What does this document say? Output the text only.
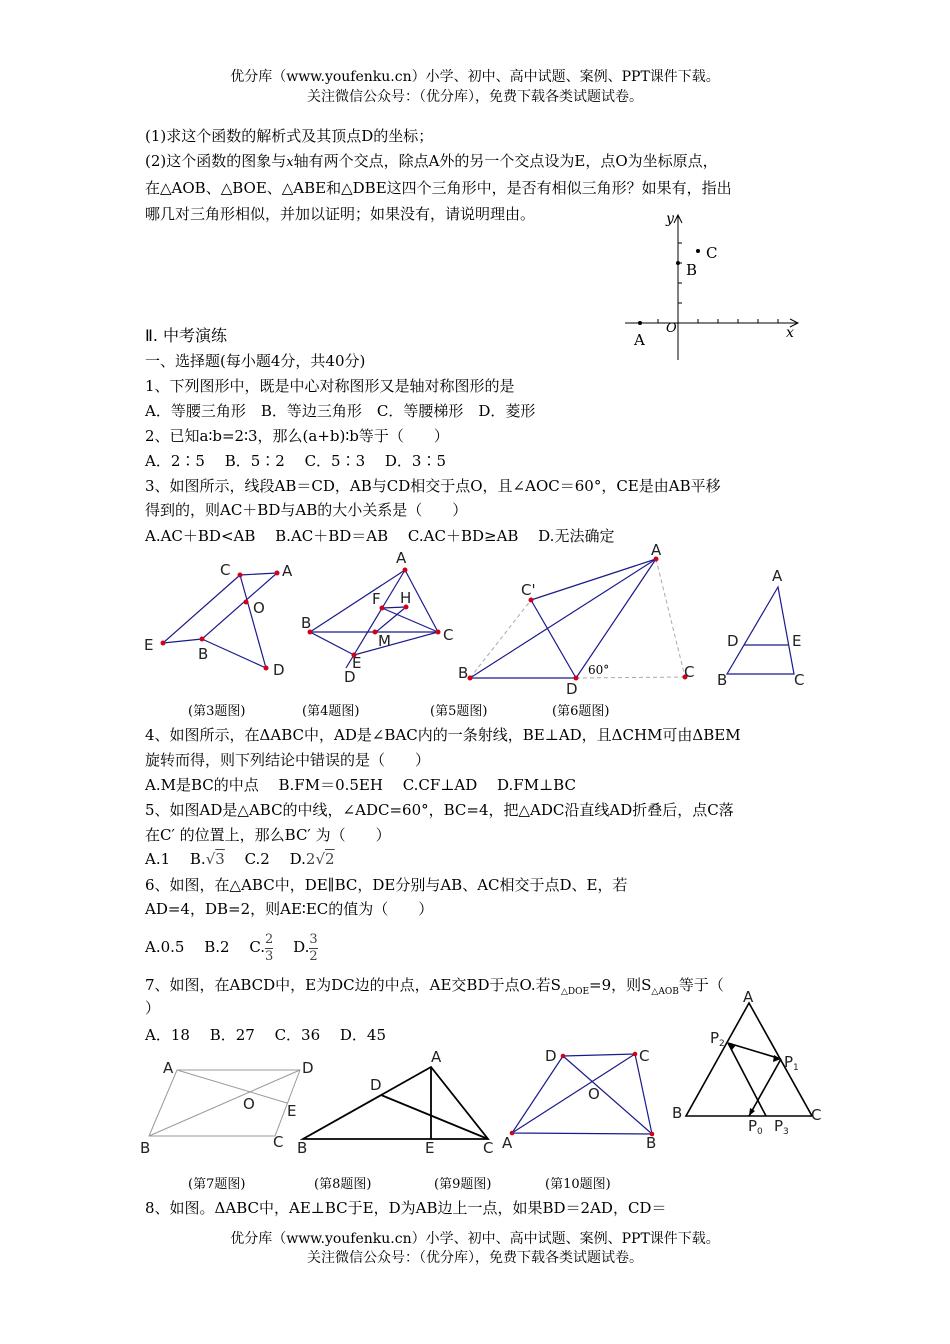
优分库（www.youfenku.cn）小学、初中、高中试题、案例、PPT课件下载。
关注微信公众号：（优分库），免费下载各类试题试卷。
(1)求这个函数的解析式及其顶点D的坐标；
(2)这个函数的图象与x轴有两个交点，除点A外的另一个交点设为E，点O为坐标原点，
在△AOB、△BOE、△ABE和△DBE这四个三角形中，是否有相似三角形？如果有，指出
哪几对三角形相似，并加以证明；如果没有，请说明理由。	y
x
O
A
B
C
Ⅱ. 中考演练
一、选择题(每小题4分，共40分)
1、下列图形中，既是中心对称图形又是轴对称图形的是
A．等腰三角形　B．等边三角形　C．等腰梯形　D．菱形
2、已知a∶b=2∶3，那么(a+b)∶b等于（　　）
A．2∶5　 B．5∶2　 C．5∶3　 D．3∶5
3、如图所示，线段AB＝CD，AB与CD相交于点O，且∠AOC＝60°，CE是由AB平移
得到的，则AC＋BD与AB的大小关系是（　　）
A.AC＋BD<AB　 B.AC＋BD＝AB　 C.AC＋BD≥AB　 D.无法确定
C	A
O
E	B
D
A
F H
B
M	C
E
D
A
C'
B
D
C
60°
A
D	E
B	C
(第3题图)	(第4题图)	(第5题图)	(第6题图)
4、如图所示，在ΔABC中，AD是∠BAC内的一条射线，BE⊥AD，且ΔCHM可由ΔBEM
旋转而得，则下列结论中错误的是（　　）
A.M是BC的中点　 B.FM＝0.5EH　 C.CF⊥AD　 D.FM⊥BC
5、如图AD是△ABC的中线，∠ADC=60°，BC=4，把△ADC沿直线AD折叠后，点C落
在C′ 的位置上，那么BC′ 为（　　）
A.1　 B.√3　 C.2　 D.2√2
6、如图，在△ABC中，DE∥BC，DE分别与AB、AC相交于点D、E，若
AD=4，DB=2，则AE∶EC的值为（　　）
A.0.5　 B.2　 C. $\frac{2}{3}$ 　 D. $\frac{3}{2}$
7、如图，在ABCD中，E为DC边的中点，AE交BD于点O.若$S_{\triangle DOE}=9$，则$S_{\triangle AOB}$等于（
）
A．18　 B．27　 C．36　 D．45
A	D
O E
B	C
A
D
B	E	C
D	C
O
A	B
A
$P_2$
$P_1$
B	C
$P_0$ $P_3$
(第7题图)	(第8题图)	(第9题图)	(第10题图)
8、如图。ΔABC中，AE⊥BC于E，D为AB边上一点，如果BD＝2AD，CD＝
优分库（www.youfenku.cn）小学、初中、高中试题、案例、PPT课件下载。
关注微信公众号：（优分库），免费下载各类试题试卷。
